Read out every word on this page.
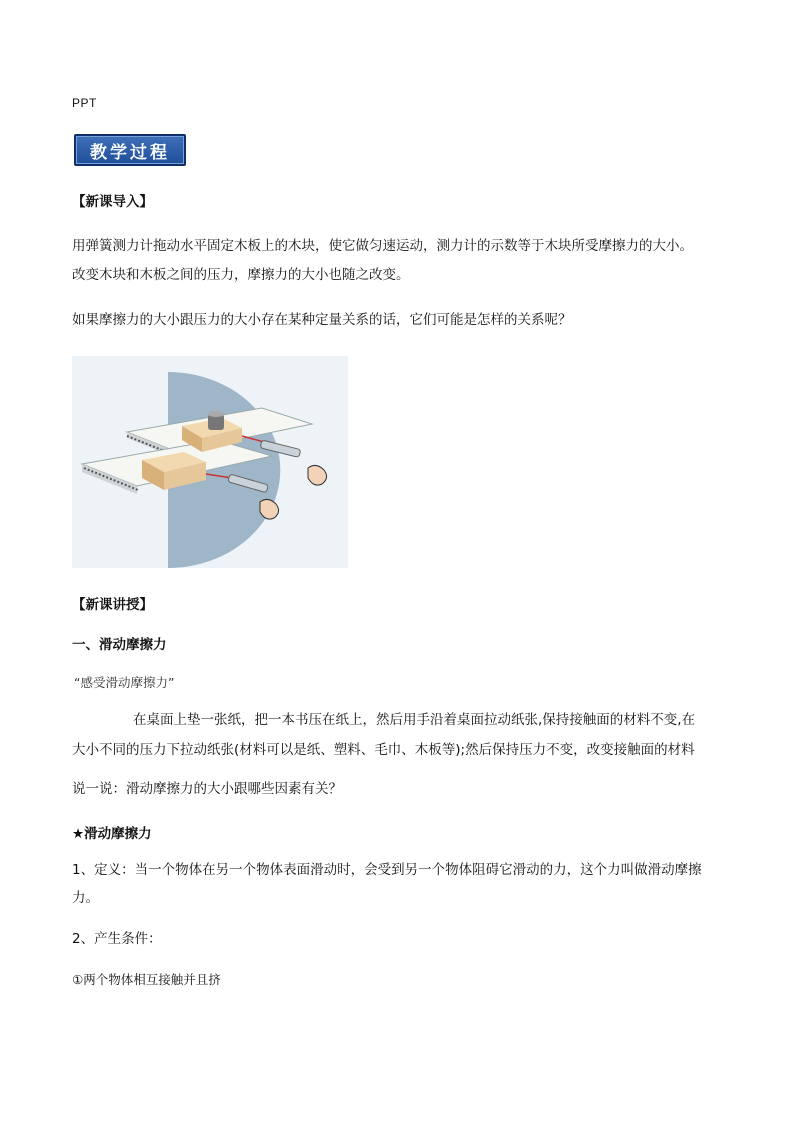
PPT
教学过程
【新课导入】
用弹簧测力计拖动水平固定木板上的木块，使它做匀速运动，测力计的示数等于木块所受摩擦力的大小。
改变木块和木板之间的压力，摩擦力的大小也随之改变。
如果摩擦力的大小跟压力的大小存在某种定量关系的话，它们可能是怎样的关系呢？
【新课讲授】
一、滑动摩擦力
“感受滑动摩擦力”
在桌面上垫一张纸，把一本书压在纸上，然后用手沿着桌面拉动纸张,保持接触面的材料不变,在
大小不同的压力下拉动纸张(材料可以是纸、塑料、毛巾、木板等);然后保持压力不变，改变接触面的材料
说一说：滑动摩擦力的大小跟哪些因素有关？
★滑动摩擦力
1、定义：当一个物体在另一个物体表面滑动时，会受到另一个物体阻碍它滑动的力，这个力叫做滑动摩擦
力。
2、产生条件：
①两个物体相互接触并且挤
